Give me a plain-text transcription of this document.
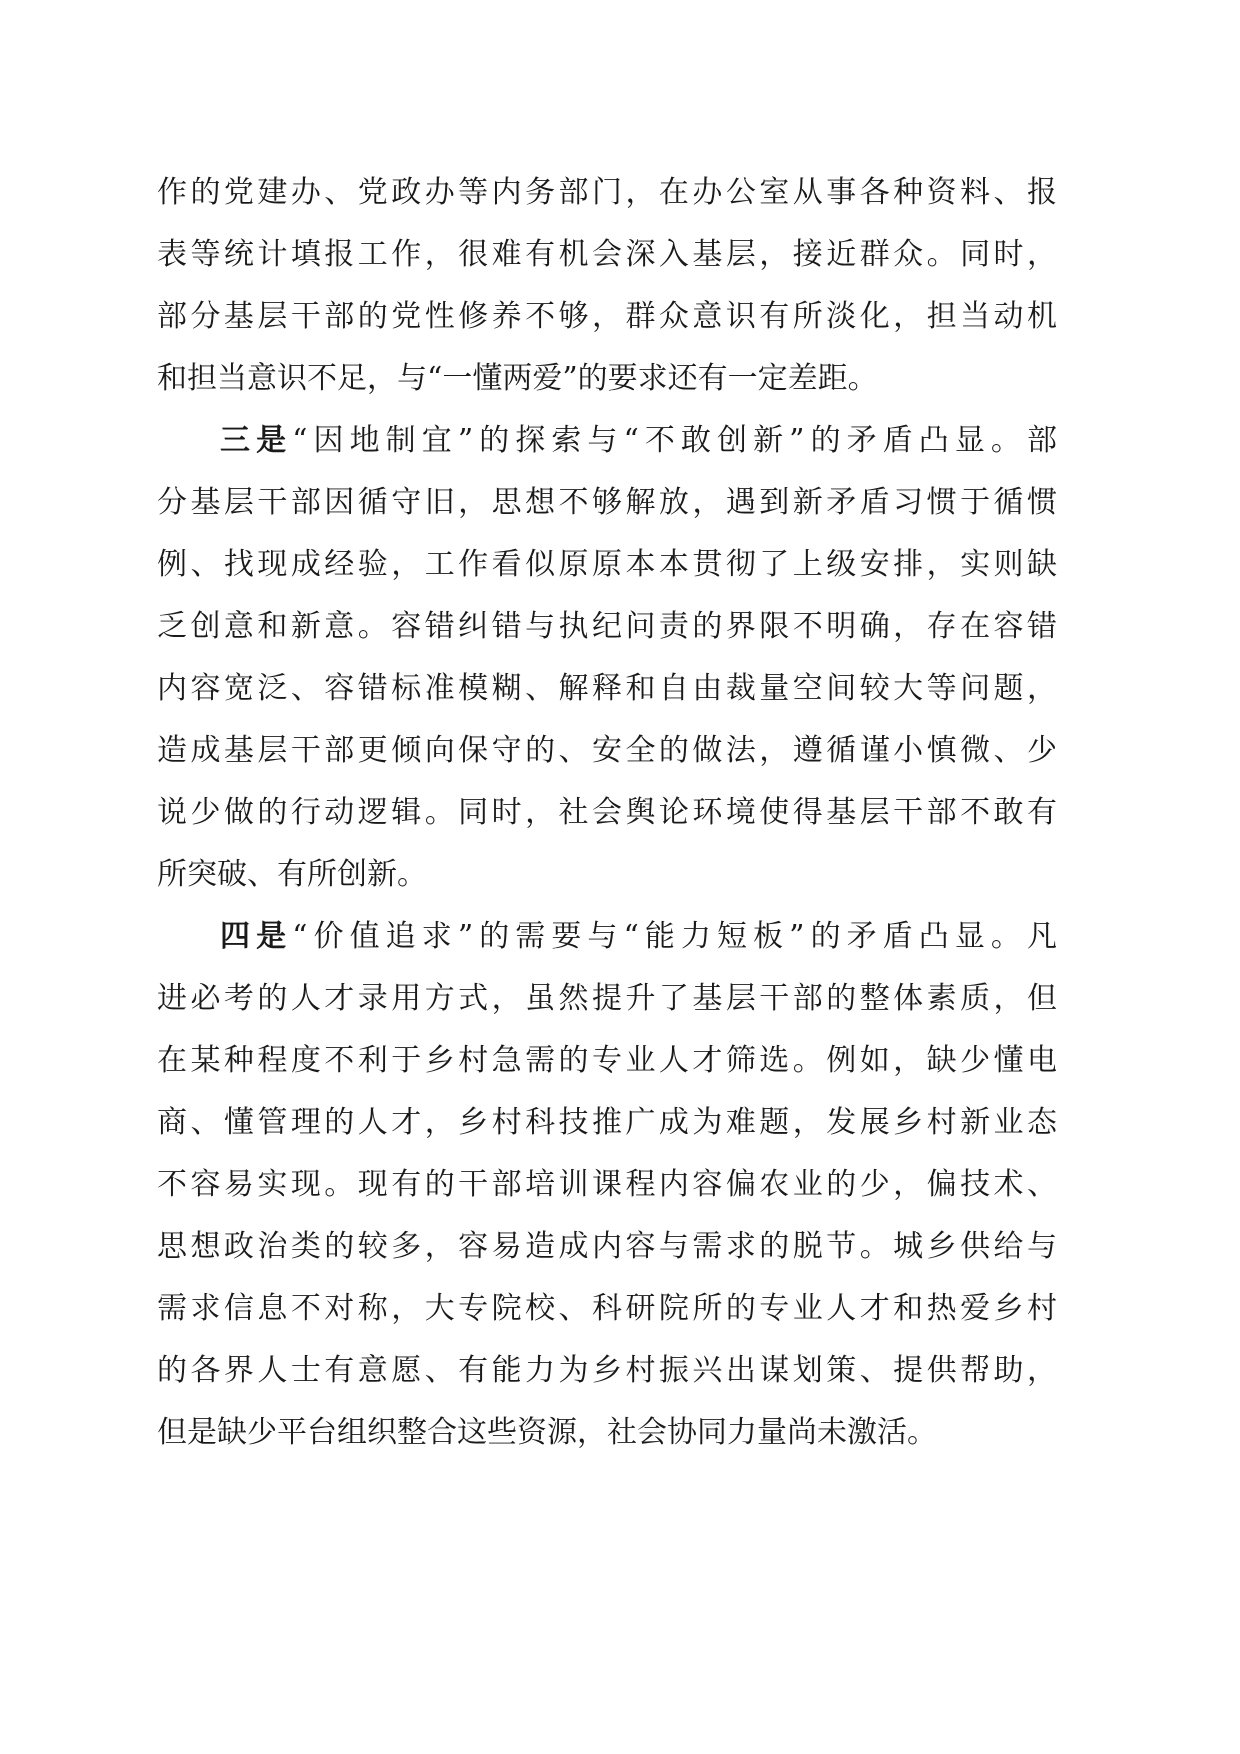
作的党建办、党政办等内务部门，在办公室从事各种资料、报
表等统计填报工作，很难有机会深入基层，接近群众。同时，
部分基层干部的党性修养不够，群众意识有所淡化，担当动机
和担当意识不足，与“一懂两爱”的要求还有一定差距。
三是“因地制宜”的探索与“不敢创新”的矛盾凸显。部
分基层干部因循守旧，思想不够解放，遇到新矛盾习惯于循惯
例、找现成经验，工作看似原原本本贯彻了上级安排，实则缺
乏创意和新意。容错纠错与执纪问责的界限不明确，存在容错
内容宽泛、容错标准模糊、解释和自由裁量空间较大等问题，
造成基层干部更倾向保守的、安全的做法，遵循谨小慎微、少
说少做的行动逻辑。同时，社会舆论环境使得基层干部不敢有
所突破、有所创新。
四是“价值追求”的需要与“能力短板”的矛盾凸显。凡
进必考的人才录用方式，虽然提升了基层干部的整体素质，但
在某种程度不利于乡村急需的专业人才筛选。例如，缺少懂电
商、懂管理的人才，乡村科技推广成为难题，发展乡村新业态
不容易实现。现有的干部培训课程内容偏农业的少，偏技术、
思想政治类的较多，容易造成内容与需求的脱节。城乡供给与
需求信息不对称，大专院校、科研院所的专业人才和热爱乡村
的各界人士有意愿、有能力为乡村振兴出谋划策、提供帮助，
但是缺少平台组织整合这些资源，社会协同力量尚未激活。
